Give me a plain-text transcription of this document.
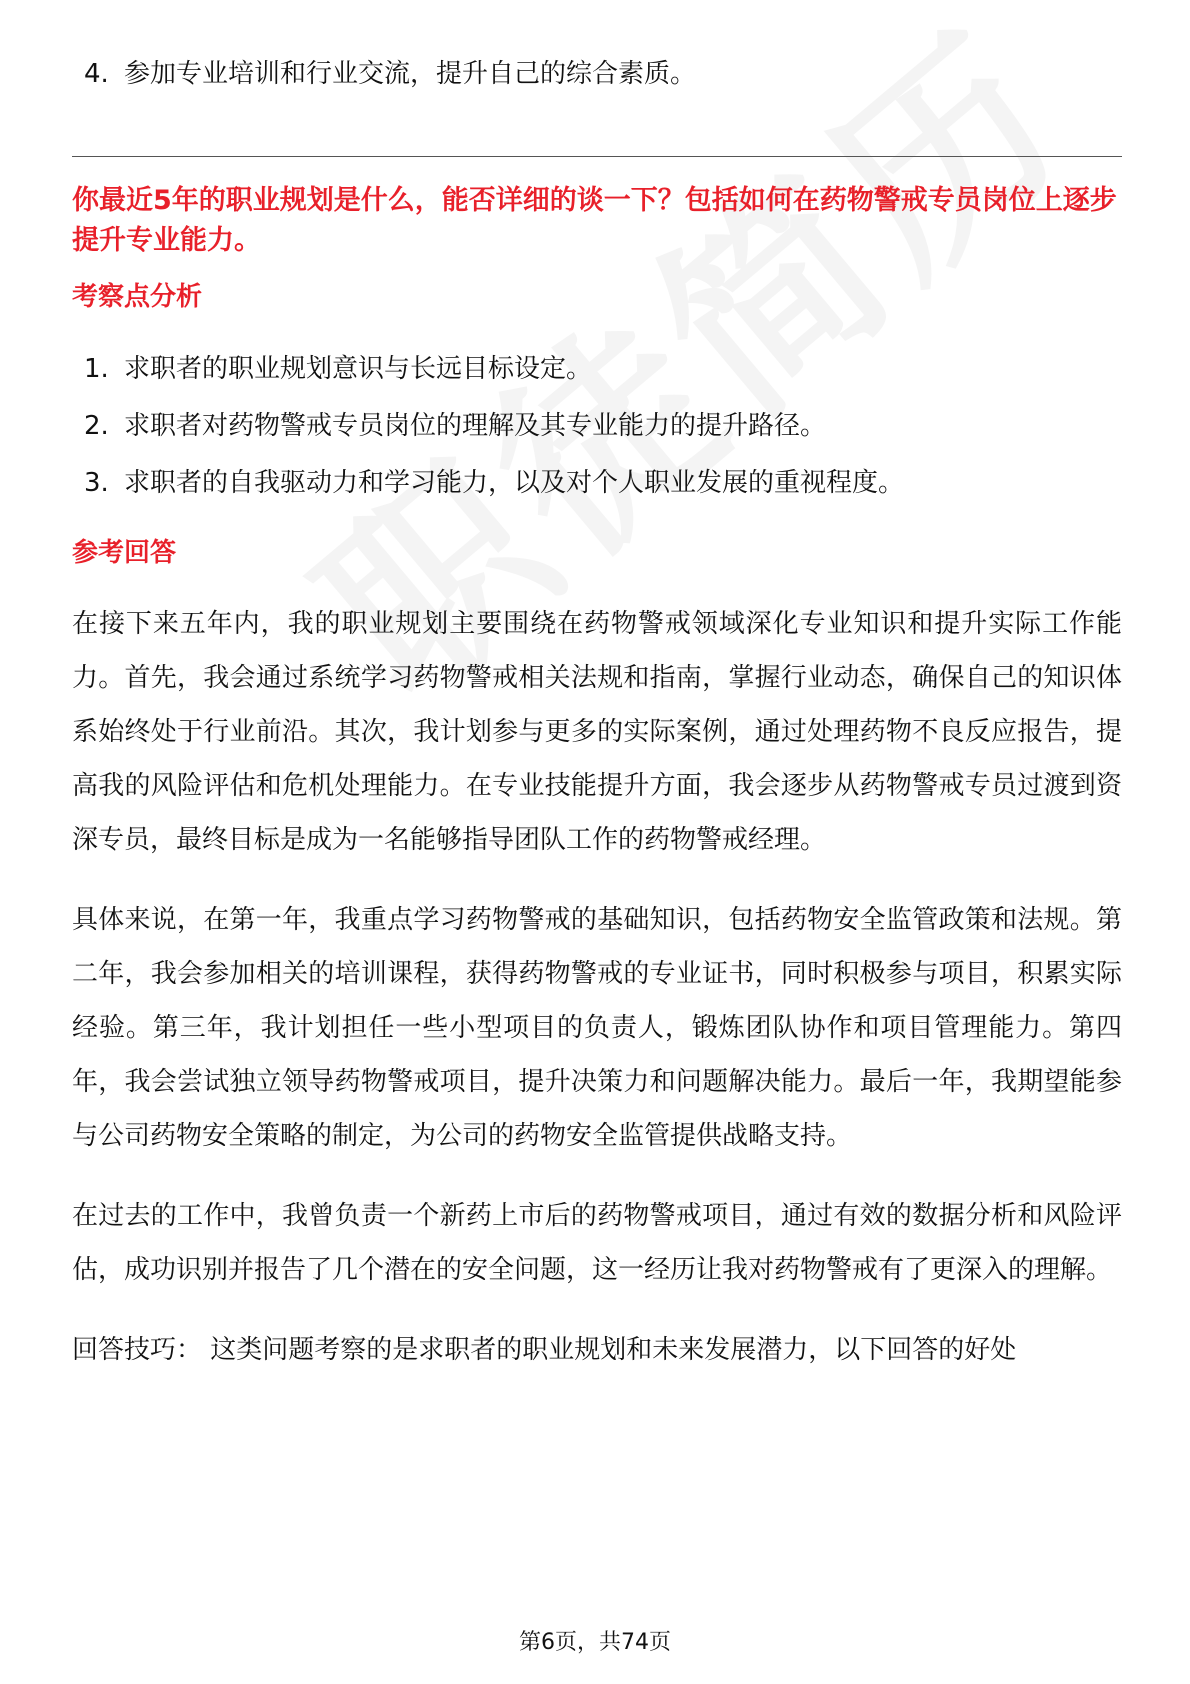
4. 参加专业培训和行业交流，提升自己的综合素质。

你最近5年的职业规划是什么，能否详细的谈一下？包括如何在药物警戒专员岗位上逐步提升专业能力。

考察点分析

1. 求职者的职业规划意识与长远目标设定。
2. 求职者对药物警戒专员岗位的理解及其专业能力的提升路径。
3. 求职者的自我驱动力和学习能力，以及对个人职业发展的重视程度。

参考回答

在接下来五年内，我的职业规划主要围绕在药物警戒领域深化专业知识和提升实际工作能力。首先，我会通过系统学习药物警戒相关法规和指南，掌握行业动态，确保自己的知识体系始终处于行业前沿。其次，我计划参与更多的实际案例，通过处理药物不良反应报告，提高我的风险评估和危机处理能力。在专业技能提升方面，我会逐步从药物警戒专员过渡到资深专员，最终目标是成为一名能够指导团队工作的药物警戒经理。

具体来说，在第一年，我重点学习药物警戒的基础知识，包括药物安全监管政策和法规。第二年，我会参加相关的培训课程，获得药物警戒的专业证书，同时积极参与项目，积累实际经验。第三年，我计划担任一些小型项目的负责人，锻炼团队协作和项目管理能力。第四年，我会尝试独立领导药物警戒项目，提升决策力和问题解决能力。最后一年，我期望能参与公司药物安全策略的制定，为公司的药物安全监管提供战略支持。

在过去的工作中，我曾负责一个新药上市后的药物警戒项目，通过有效的数据分析和风险评估，成功识别并报告了几个潜在的安全问题，这一经历让我对药物警戒有了更深入的理解。

回答技巧： 这类问题考察的是求职者的职业规划和未来发展潜力，以下回答的好处

第6页，共74页
